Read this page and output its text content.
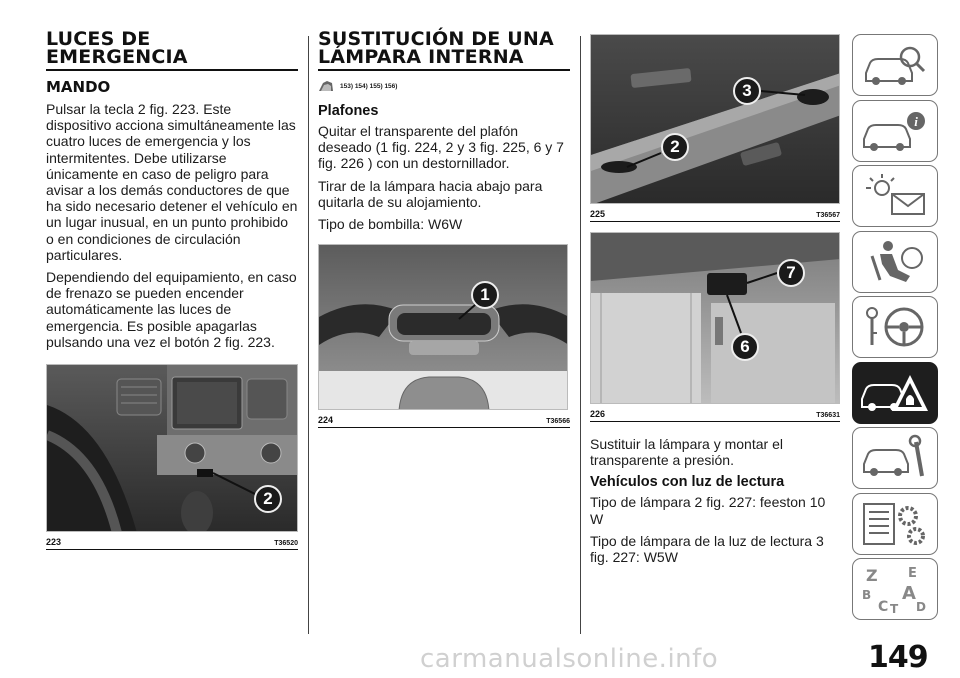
LUCES DE EMERGENCIA
MANDO

Pulsar la tecla 2 fig. 223. Este dispositivo acciona simultáneamente las cuatro luces de emergencia y los intermitentes. Debe utilizarse únicamente en caso de peligro para avisar a los demás conductores de que ha sido necesario detener el vehículo en un lugar inusual, en un punto prohibido o en condiciones de circulación particulares.

Dependiendo del equipamiento, en caso de frenazo se pueden encender automáticamente las luces de emergencia. Es posible apagarlas pulsando una vez el botón 2 fig. 223.

2
223	T36520
SUSTITUCIÓN DE UNA LÁMPARA INTERNA
153) 154) 155) 156)
Plafones

Quitar el transparente del plafón deseado (1 fig. 224, 2 y 3 fig. 225, 6 y 7 fig. 226 ) con un destornillador.

Tirar de la lámpara hacia abajo para quitarla de su alojamiento.

Tipo de bombilla: W6W

1
224	T36566
3
2
225	T36567
7
6
226	T36631

Sustituir la lámpara y montar el transparente a presión.

Vehículos con luz de lectura

Tipo de lámpara 2 fig. 227: feeston 10 W

Tipo de lámpara de la luz de lectura 3 fig. 227: W5W

i
Z E
B A
C D
T
carmanualsonline.info	149
